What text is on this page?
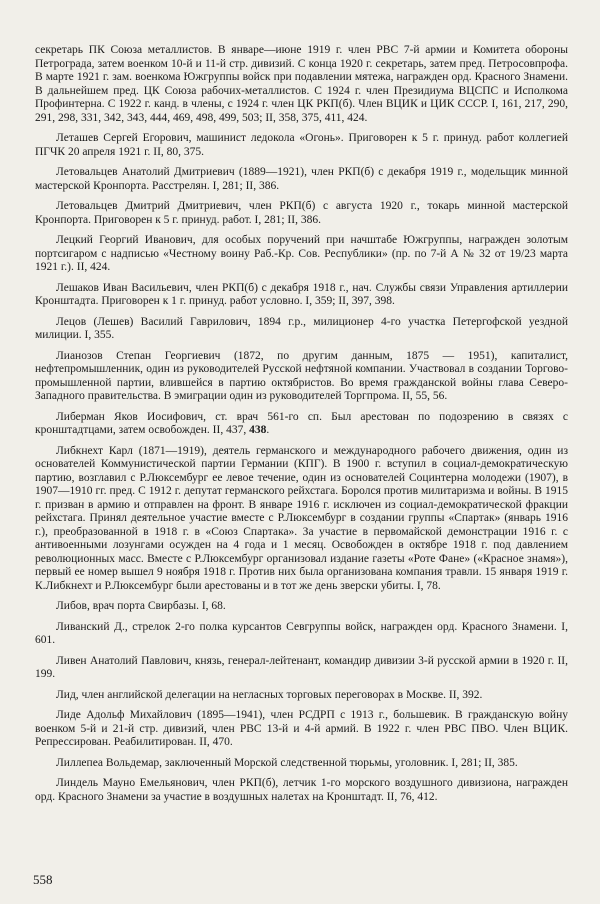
секретарь ПК Союза металлистов. В январе—июне 1919 г. член РВС 7-й армии и Комитета обороны Петрограда, затем военком 10-й и 11-й стр. дивизий. С конца 1920 г. секретарь, затем пред. Петросовпрофа. В марте 1921 г. зам. военкома Южгруппы войск при подавлении мятежа, награжден орд. Красного Знамени. В дальнейшем пред. ЦК Союза рабочих-металлистов. С 1924 г. член Президиума ВЦСПС и Исполкома Профинтерна. С 1922 г. канд. в члены, с 1924 г. член ЦК РКП(б). Член ВЦИК и ЦИК СССР. I, 161, 217, 290, 291, 298, 331, 342, 343, 444, 469, 498, 499, 503; II, 358, 375, 411, 424.

Леташев Сергей Егорович, машинист ледокола «Огонь». Приговорен к 5 г. принуд. работ коллегией ПГЧК 20 апреля 1921 г. II, 80, 375.

Летовальцев Анатолий Дмитриевич (1889—1921), член РКП(б) с декабря 1919 г., модельщик минной мастерской Кронпорта. Расстрелян. I, 281; II, 386.

Летовальцев Дмитрий Дмитриевич, член РКП(б) с августа 1920 г., токарь минной мастерской Кронпорта. Приговорен к 5 г. принуд. работ. I, 281; II, 386.

Лецкий Георгий Иванович, для особых поручений при начштабе Южгруппы, награжден золотым портсигаром с надписью «Честному воину Раб.-Кр. Сов. Республики» (пр. по 7-й А № 32 от 19/23 марта 1921 г.). II, 424.

Лешаков Иван Васильевич, член РКП(б) с декабря 1918 г., нач. Службы связи Управления артиллерии Кронштадта. Приговорен к 1 г. принуд. работ условно. I, 359; II, 397, 398.

Лецов (Лешев) Василий Гаврилович, 1894 г.р., милиционер 4-го участка Петергофской уездной милиции. I, 355.

Лианозов Степан Георгиевич (1872, по другим данным, 1875 — 1951), капиталист, нефтепромышленник, один из руководителей Русской нефтяной компании. Участвовал в создании Торгово-промышленной партии, влившейся в партию октябристов. Во время гражданской войны глава Северо-Западного правительства. В эмиграции один из руководителей Торгпрома. II, 55, 56.

Либерман Яков Иосифович, ст. врач 561-го сп. Был арестован по подозрению в связях с кронштадтцами, затем освобожден. II, 437, 438.

Либкнехт Карл (1871—1919), деятель германского и международного рабочего движения, один из основателей Коммунистической партии Германии (КПГ). В 1900 г. вступил в социал-демократическую партию, возглавил с Р.Люксембург ее левое течение, один из основателей Социнтерна молодежи (1907), в 1907—1910 гг. пред. С 1912 г. депутат германского рейхстага. Боролся против милитаризма и войны. В 1915 г. призван в армию и отправлен на фронт. В январе 1916 г. исключен из социал-демократической фракции рейхстага. Принял деятельное участие вместе с Р.Люксембург в создании группы «Спартак» (январь 1916 г.), преобразованной в 1918 г. в «Союз Спартака». За участие в первомайской демонстрации 1916 г. с антивоенными лозунгами осужден на 4 года и 1 месяц. Освобожден в октябре 1918 г. под давлением революционных масс. Вместе с Р.Люксембург организовал издание газеты «Роте Фане» («Красное знамя»), первый ее номер вышел 9 ноября 1918 г. Против них была организована компания травли. 15 января 1919 г. К.Либкнехт и Р.Люксембург были арестованы и в тот же день зверски убиты. I, 78.

Либов, врач порта Свирбазы. I, 68.

Ливанский Д., стрелок 2-го полка курсантов Севгруппы войск, награжден орд. Красного Знамени. I, 601.

Ливен Анатолий Павлович, князь, генерал-лейтенант, командир дивизии 3-й русской армии в 1920 г. II, 199.

Лид, член английской делегации на негласных торговых переговорах в Москве. II, 392.

Лиде Адольф Михайлович (1895—1941), член РСДРП с 1913 г., большевик. В гражданскую войну военком 5-й и 21-й стр. дивизий, член РВС 13-й и 4-й армий. В 1922 г. член РВС ПВО. Член ВЦИК. Репрессирован. Реабилитирован. II, 470.

Лиллепеа Вольдемар, заключенный Морской следственной тюрьмы, уголовник. I, 281; II, 385.

Линдель Мауно Емельянович, член РКП(б), летчик 1-го морского воздушного дивизиона, награжден орд. Красного Знамени за участие в воздушных налетах на Кронштадт. II, 76, 412.

558
